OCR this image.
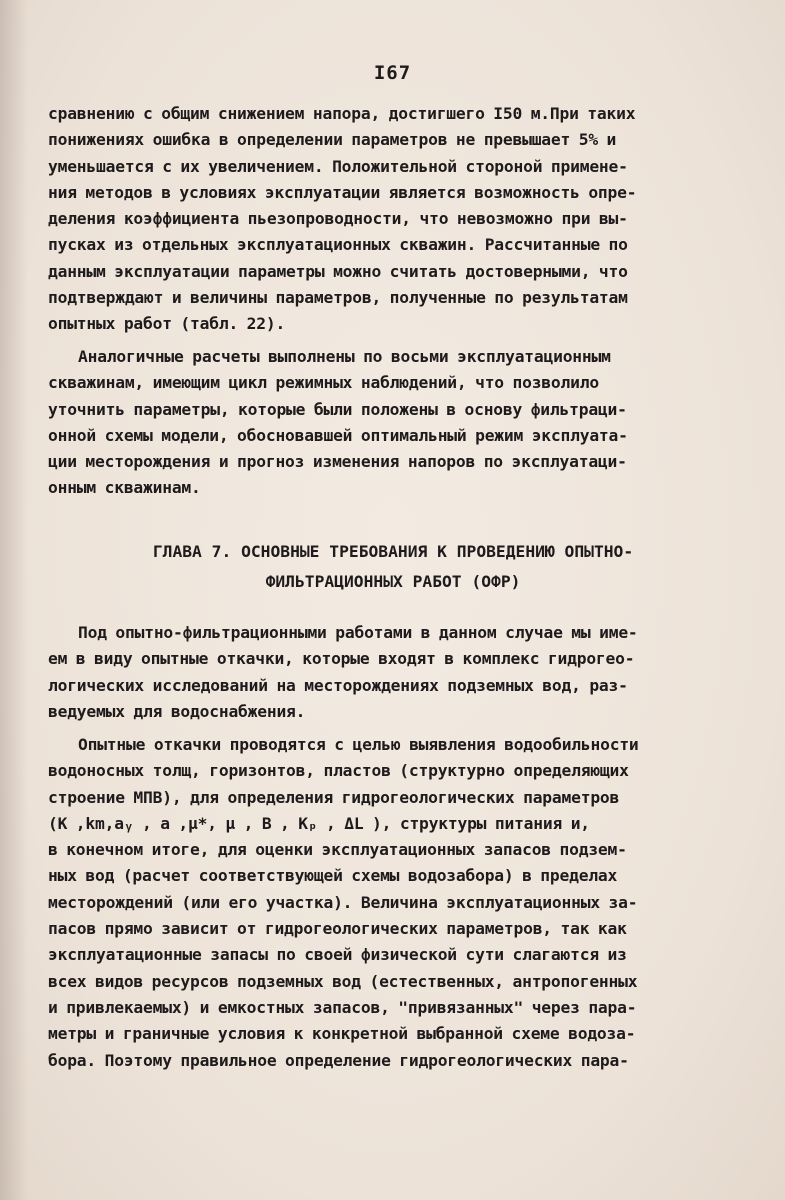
I67
сравнению с общим снижением напора, достигшего I50 м.При таких
понижениях ошибка в определении параметров не превышает 5% и
уменьшается с их увеличением. Положительной стороной примене-
ния методов в условиях эксплуатации является возможность опре-
деления коэффициента пьезопроводности, что невозможно при вы-
пусках из отдельных эксплуатационных скважин. Рассчитанные по
данным эксплуатации параметры можно считать достоверными, что
подтверждают и величины параметров, полученные по результатам
опытных работ (табл. 22).
Аналогичные расчеты выполнены по восьми эксплуатационным
скважинам, имеющим цикл режимных наблюдений, что позволило
уточнить параметры, которые были положены в основу фильтраци-
онной схемы модели, обосновавшей оптимальный режим эксплуата-
ции месторождения и прогноз изменения напоров по эксплуатаци-
онным скважинам.
ГЛАВА 7. ОСНОВНЫЕ ТРЕБОВАНИЯ К ПРОВЕДЕНИЮ ОПЫТНО-
ФИЛЬТРАЦИОННЫХ РАБОТ (ОФР)
Под опытно-фильтрационными работами в данном случае мы име-
ем в виду опытные откачки, которые входят в комплекс гидрогео-
логических исследований на месторождениях подземных вод, раз-
ведуемых для водоснабжения.
Опытные откачки проводятся с целью выявления водообильности
водоносных толщ, горизонтов, пластов (структурно определяющих
строение МПВ), для определения гидрогеологических параметров
(K ,km,aᵧ , a ,μ*, μ , B , Kₚ , ΔL ), структуры питания и,
в конечном итоге, для оценки эксплуатационных запасов подзем-
ных вод (расчет соответствующей схемы водозабора) в пределах
месторождений (или его участка). Величина эксплуатационных за-
пасов прямо зависит от гидрогеологических параметров, так как
эксплуатационные запасы по своей физической сути слагаются из
всех видов ресурсов подземных вод (естественных, антропогенных
и привлекаемых) и емкостных запасов, "привязанных" через пара-
метры и граничные условия к конкретной выбранной схеме водоза-
бора. Поэтому правильное определение гидрогеологических пара-
